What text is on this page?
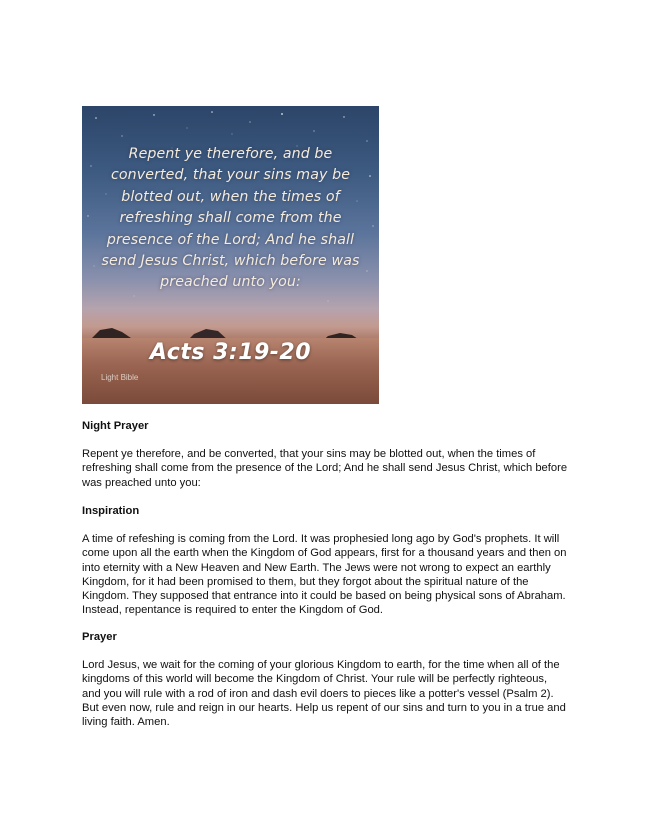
Repent ye therefore, and be converted, that your sins may be blotted out, when the times of refreshing shall come from the presence of the Lord; And he shall send Jesus Christ, which before was preached unto you:

Acts 3:19-20

Light Bible

Night Prayer

Repent ye therefore, and be converted, that your sins may be blotted out, when the times of refreshing shall come from the presence of the Lord; And he shall send Jesus Christ, which before was preached unto you:

Inspiration

A time of refeshing is coming from the Lord. It was prophesied long ago by God's prophets. It will come upon all the earth when the Kingdom of God appears, first for a thousand years and then on into eternity with a New Heaven and New Earth. The Jews were not wrong to expect an earthly Kingdom, for it had been promised to them, but they forgot about the spiritual nature of the Kingdom. They supposed that entrance into it could be based on being physical sons of Abraham. Instead, repentance is required to enter the Kingdom of God.

Prayer

Lord Jesus, we wait for the coming of your glorious Kingdom to earth, for the time when all of the kingdoms of this world will become the Kingdom of Christ. Your rule will be perfectly righteous, and you will rule with a rod of iron and dash evil doers to pieces like a potter's vessel (Psalm 2). But even now, rule and reign in our hearts. Help us repent of our sins and turn to you in a true and living faith. Amen.
